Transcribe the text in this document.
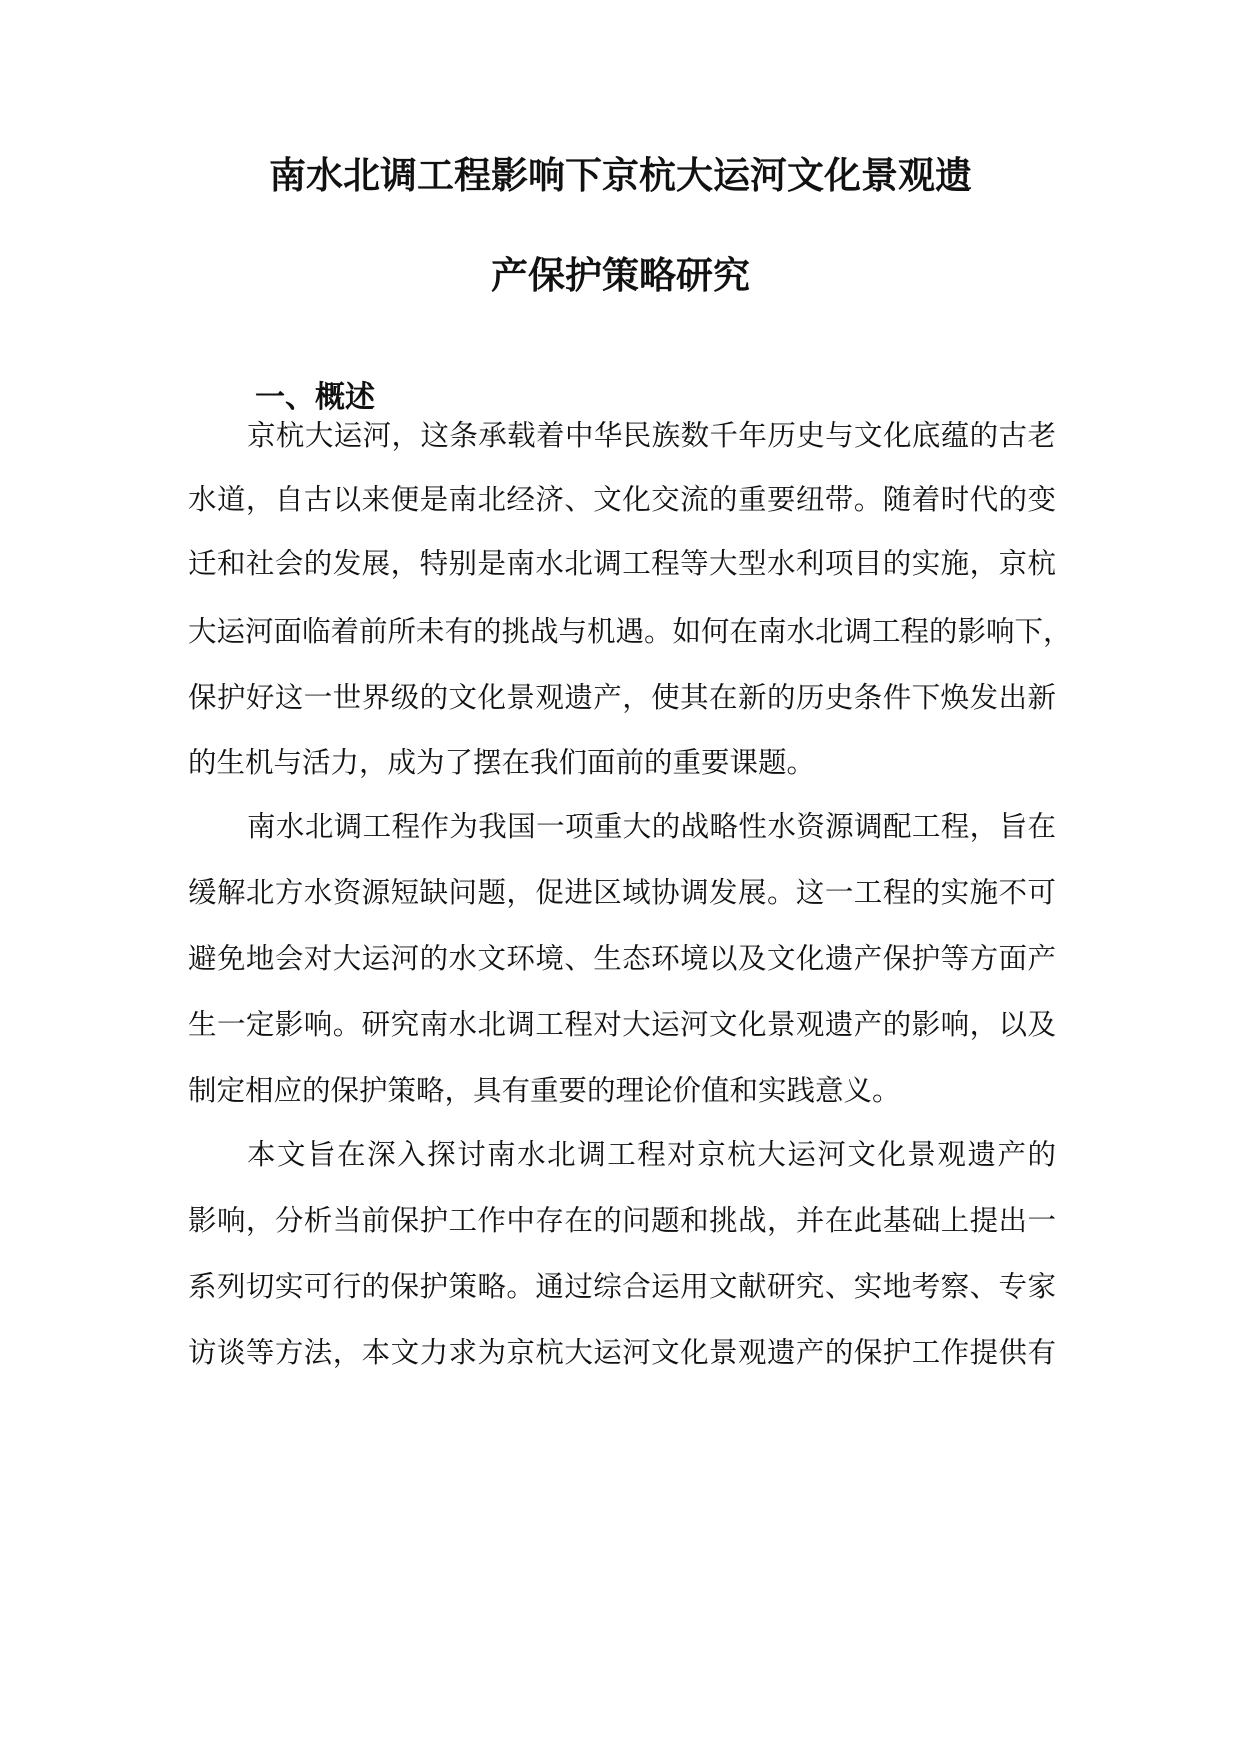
南水北调工程影响下京杭大运河文化景观遗
产保护策略研究
一、概述
京杭大运河，这条承载着中华民族数千年历史与文化底蕴的古老
水道，自古以来便是南北经济、文化交流的重要纽带。随着时代的变
迁和社会的发展，特别是南水北调工程等大型水利项目的实施，京杭
大运河面临着前所未有的挑战与机遇。如何在南水北调工程的影响下，
保护好这一世界级的文化景观遗产，使其在新的历史条件下焕发出新
的生机与活力，成为了摆在我们面前的重要课题。
南水北调工程作为我国一项重大的战略性水资源调配工程，旨在
缓解北方水资源短缺问题，促进区域协调发展。这一工程的实施不可
避免地会对大运河的水文环境、生态环境以及文化遗产保护等方面产
生一定影响。研究南水北调工程对大运河文化景观遗产的影响，以及
制定相应的保护策略，具有重要的理论价值和实践意义。
本文旨在深入探讨南水北调工程对京杭大运河文化景观遗产的
影响，分析当前保护工作中存在的问题和挑战，并在此基础上提出一
系列切实可行的保护策略。通过综合运用文献研究、实地考察、专家
访谈等方法，本文力求为京杭大运河文化景观遗产的保护工作提供有
